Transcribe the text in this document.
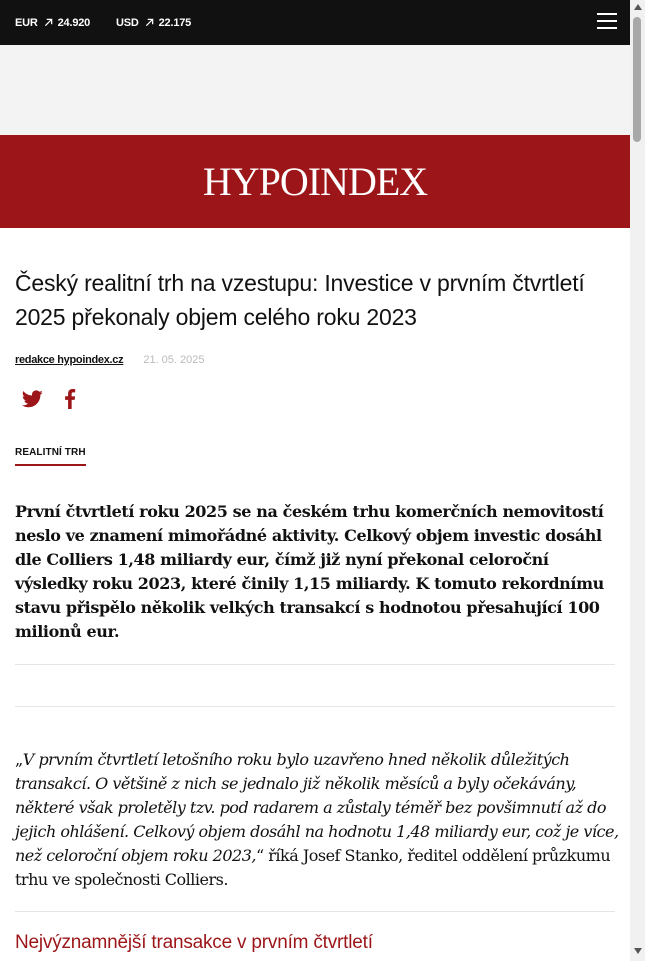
EUR 24.920 USD 22.175
HYPOINDEX
Český realitní trh na vzestupu: Investice v prvním čtvrtletí 2025 překonaly objem celého roku 2023
redakce hypoindex.cz 21. 05. 2025
REALITNÍ TRH

První čtvrtletí roku 2025 se na českém trhu komerčních nemovitostí neslo ve znamení mimořádné aktivity. Celkový objem investic dosáhl dle Colliers 1,48 miliardy eur, čímž již nyní překonal celoroční výsledky roku 2023, které činily 1,15 miliardy. K tomuto rekordnímu stavu přispělo několik velkých transakcí s hodnotou přesahující 100 milionů eur.

„V prvním čtvrtletí letošního roku bylo uzavřeno hned několik důležitých transakcí. O většině z nich se jednalo již několik měsíců a byly očekávány, některé však proletěly tzv. pod radarem a zůstaly téměř bez povšimnutí až do jejich ohlášení. Celkový objem dosáhl na hodnotu 1,48 miliardy eur, což je více, než celoroční objem roku 2023,“ říká Josef Stanko, ředitel oddělení průzkumu trhu ve společnosti Colliers.

Nejvýznamnější transakce v prvním čtvrtletí
